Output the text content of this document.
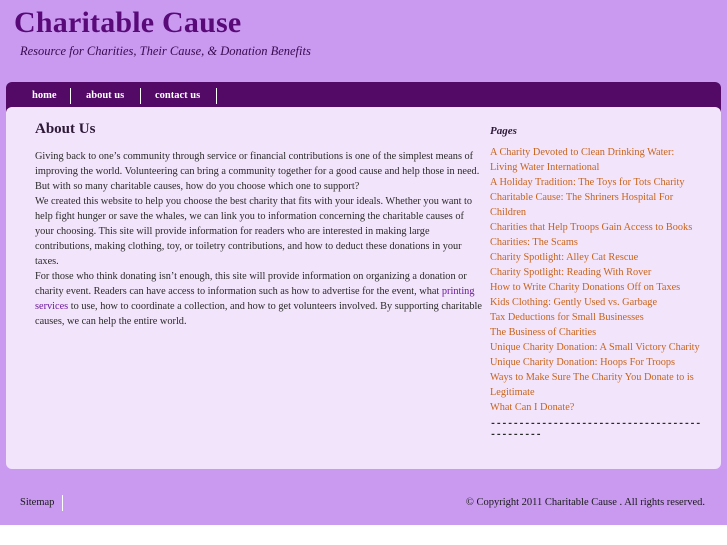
Charitable Cause
Resource for Charities, Their Cause, & Donation Benefits
home	about us	contact us
About Us

Giving back to one’s community through service or financial contributions is one of the simplest means of improving the world. Volunteering can bring a community together for a good cause and help those in need. But with so many charitable causes, how do you choose which one to support?

We created this website to help you choose the best charity that fits with your ideals. Whether you want to help fight hunger or save the whales, we can link you to information concerning the charitable causes of your choosing. This site will provide information for readers who are interested in making large contributions, making clothing, toy, or toiletry contributions, and how to deduct these donations in your taxes.

For those who think donating isn’t enough, this site will provide information on organizing a donation or charity event. Readers can have access to information such as how to advertise for the event, what printing services to use, how to coordinate a collection, and how to get volunteers involved. By supporting charitable causes, we can help the entire world.

Pages
A Charity Devoted to Clean Drinking Water: Living Water International
A Holiday Tradition: The Toys for Tots Charity
Charitable Cause: The Shriners Hospital For Children
Charities that Help Troops Gain Access to Books
Charities: The Scams
Charity Spotlight: Alley Cat Rescue
Charity Spotlight: Reading With Rover
How to Write Charity Donations Off on Taxes
Kids Clothing: Gently Used vs. Garbage
Tax Deductions for Small Businesses
The Business of Charities
Unique Charity Donation: A Small Victory Charity
Unique Charity Donation: Hoops For Troops
Ways to Make Sure The Charity You Donate to is Legitimate
What Can I Donate?
----------------------------------------------
Sitemap	© Copyright 2011 Charitable Cause . All rights reserved.
